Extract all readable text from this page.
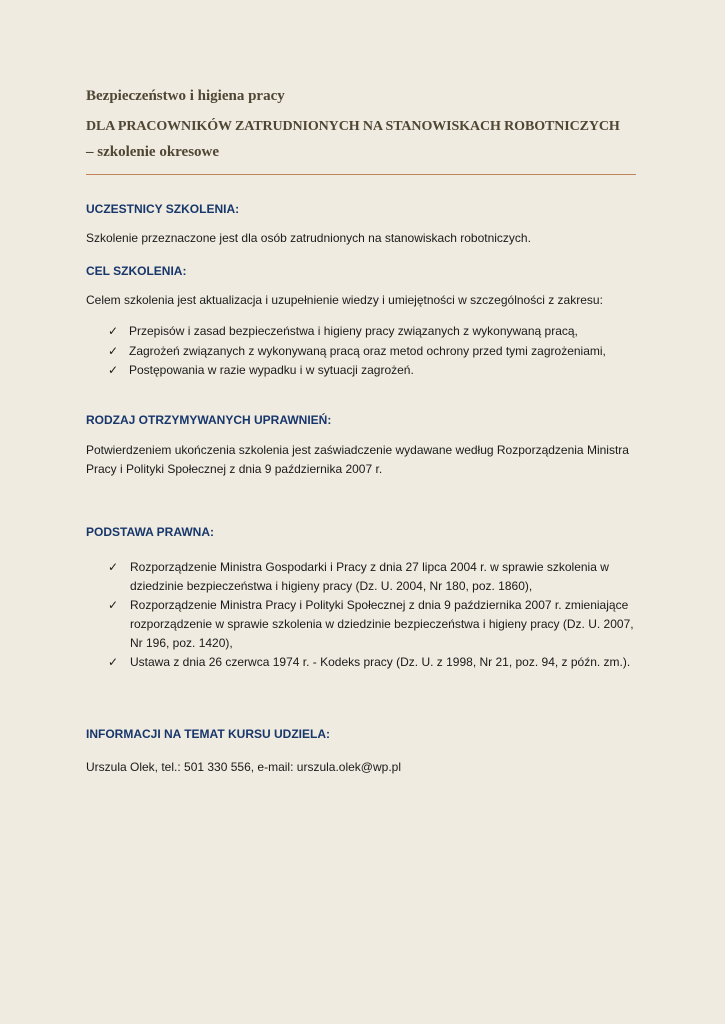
Bezpieczeństwo i higiena pracy
DLA PRACOWNIKÓW ZATRUDNIONYCH NA STANOWISKACH ROBOTNICZYCH
– szkolenie okresowe
UCZESTNICY SZKOLENIA:
Szkolenie przeznaczone jest dla osób zatrudnionych na stanowiskach robotniczych.
CEL SZKOLENIA:
Celem szkolenia jest aktualizacja i uzupełnienie wiedzy i umiejętności w szczególności z zakresu:
✓ Przepisów i zasad bezpieczeństwa i higieny pracy związanych z wykonywaną pracą,
✓ Zagrożeń związanych z wykonywaną pracą oraz metod ochrony przed tymi zagrożeniami,
✓ Postępowania w razie wypadku i w sytuacji zagrożeń.
RODZAJ OTRZYMYWANYCH UPRAWNIEŃ:
Potwierdzeniem ukończenia szkolenia jest zaświadczenie wydawane według Rozporządzenia Ministra Pracy i Polityki Społecznej z dnia 9 października 2007 r.
PODSTAWA PRAWNA:
✓ Rozporządzenie Ministra Gospodarki i Pracy z dnia 27 lipca 2004 r. w sprawie szkolenia w dziedzinie bezpieczeństwa i higieny pracy (Dz. U. 2004, Nr 180, poz. 1860),
✓ Rozporządzenie Ministra Pracy i Polityki Społecznej z dnia 9 października 2007 r. zmieniające rozporządzenie w sprawie szkolenia w dziedzinie bezpieczeństwa i higieny pracy (Dz. U. 2007, Nr 196, poz. 1420),
✓ Ustawa z dnia 26 czerwca 1974 r. - Kodeks pracy (Dz. U. z 1998, Nr 21, poz. 94, z późn. zm.).
INFORMACJI NA TEMAT KURSU UDZIELA:
Urszula Olek, tel.: 501 330 556, e-mail: urszula.olek@wp.pl
